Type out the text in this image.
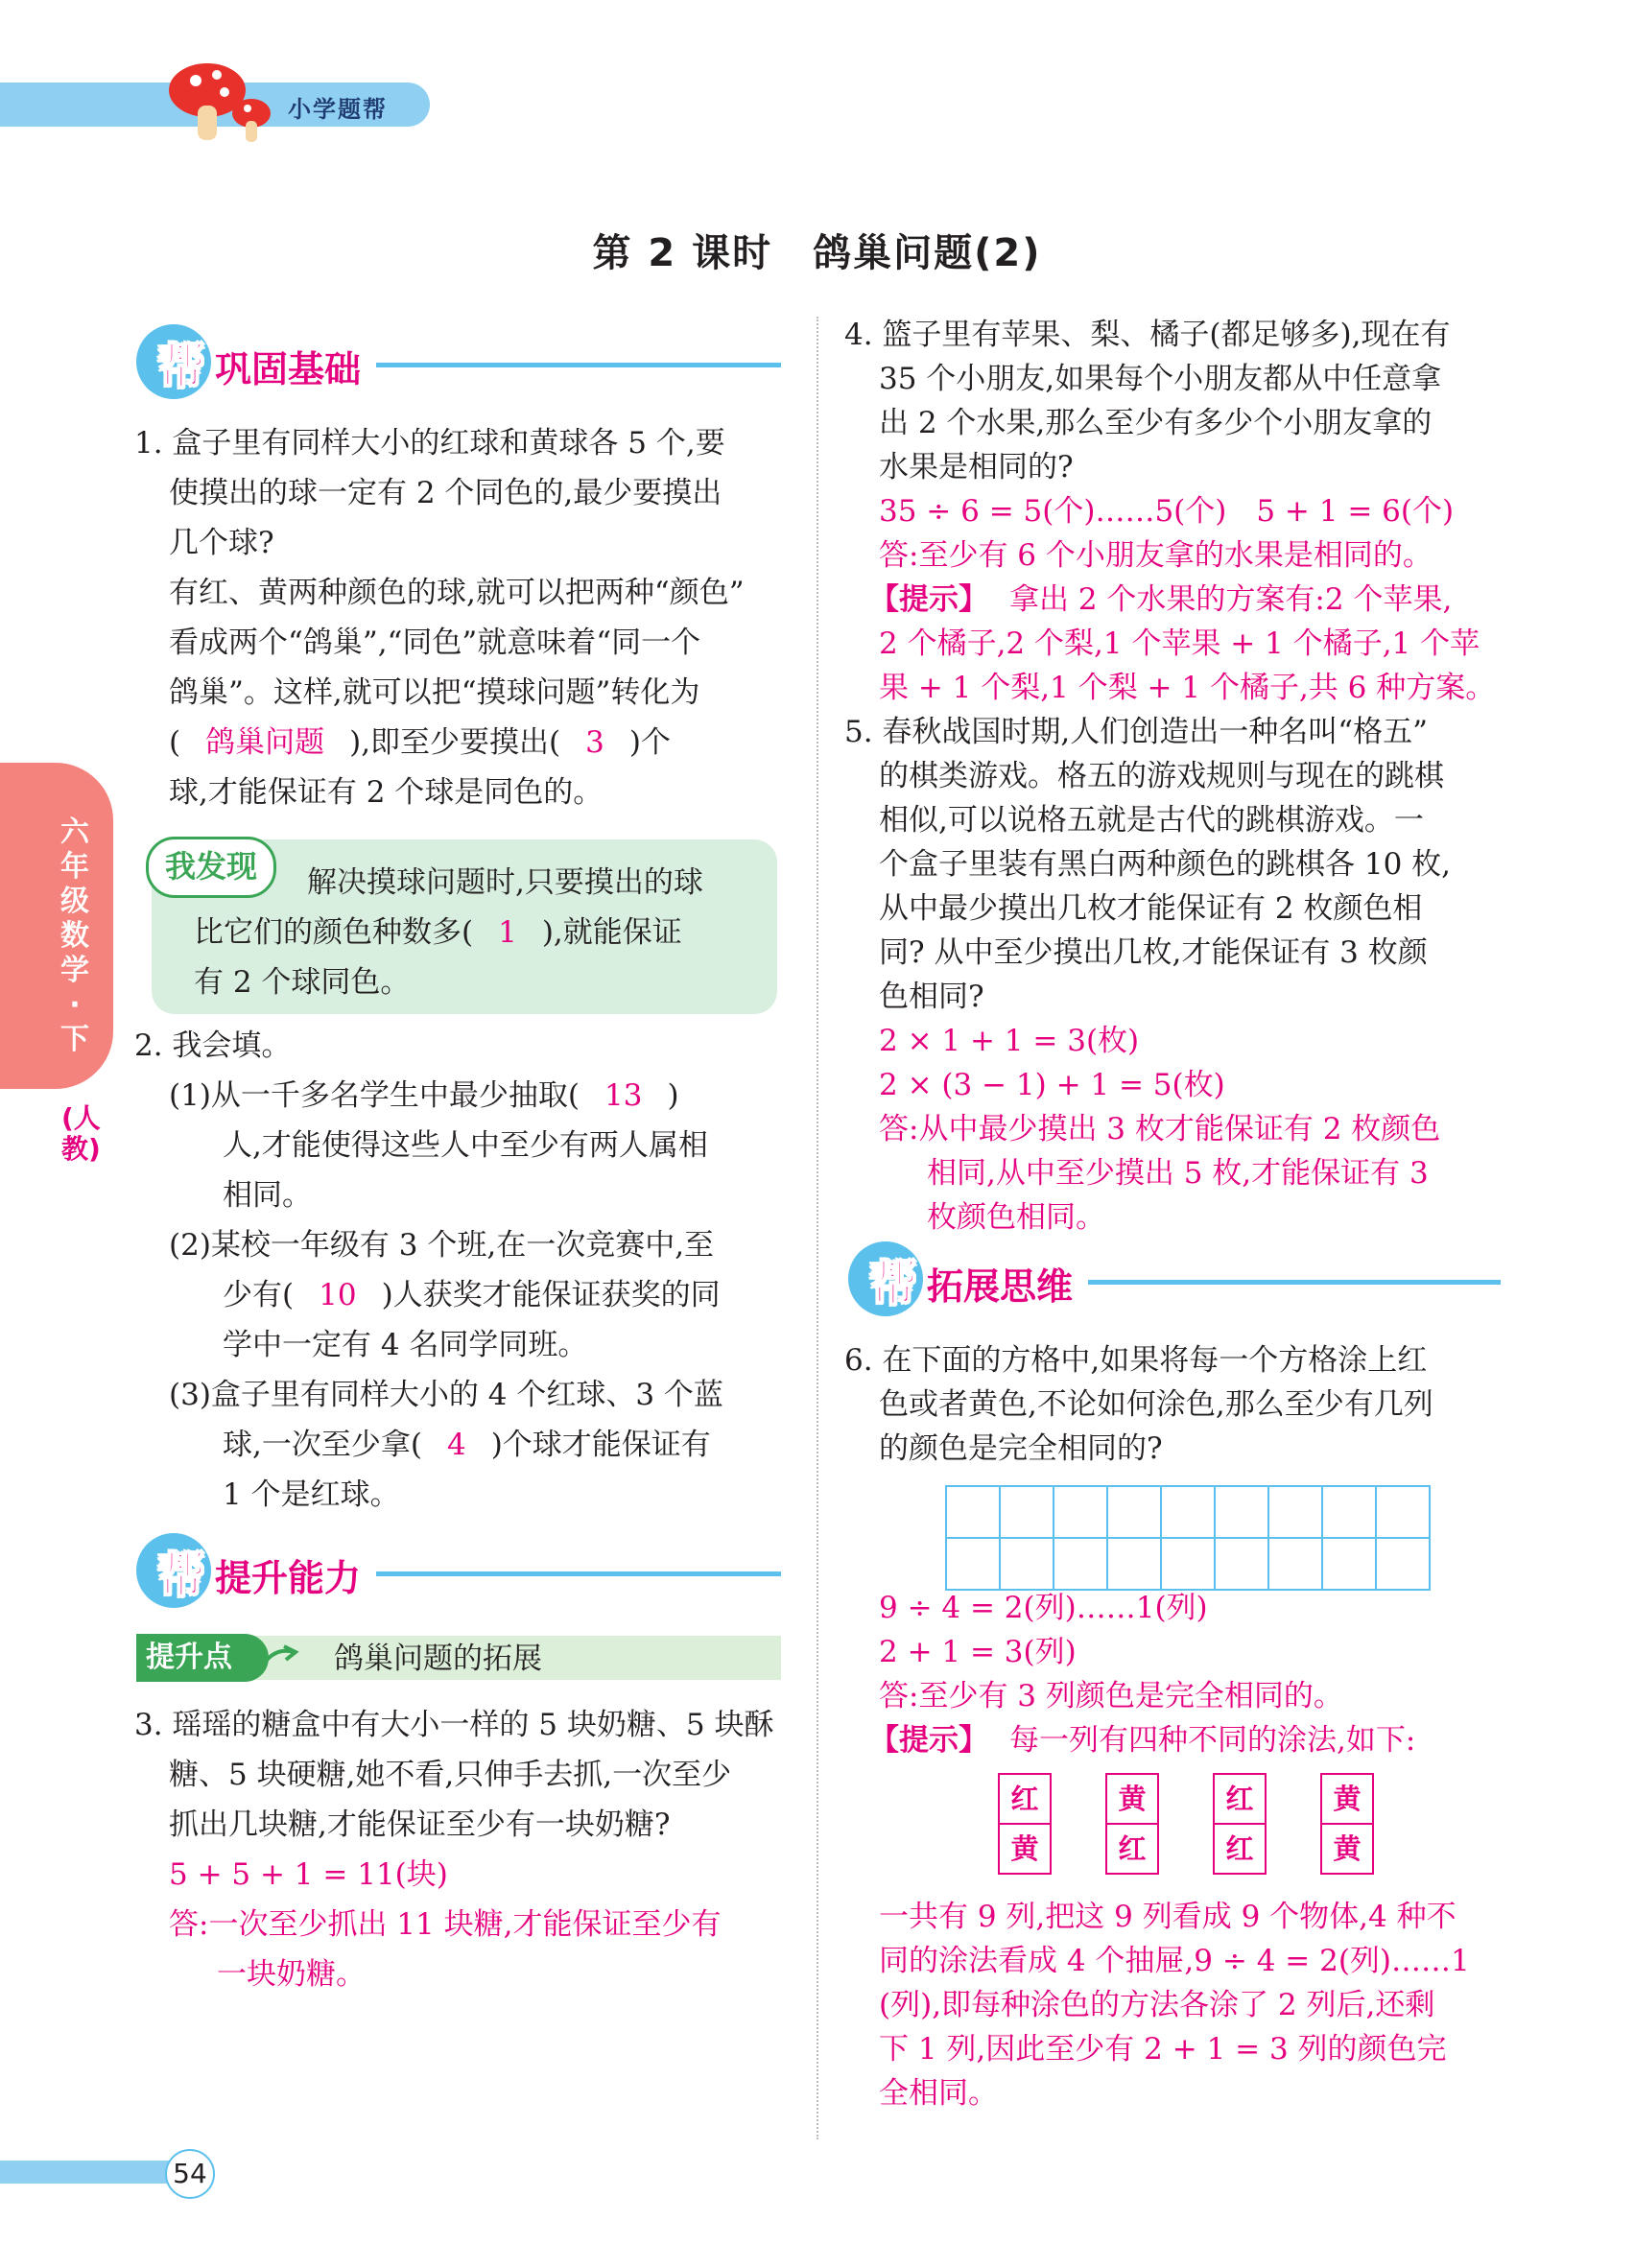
小学题帮
第 2 课时　鸽巢问题(2)
六年级数学·下
(人教)
帮 巩固基础
1. 盒子里有同样大小的红球和黄球各 5 个,要
使摸出的球一定有 2 个同色的,最少要摸出
几个球?
有红、黄两种颜色的球,就可以把两种“颜色”
看成两个“鸽巢”,“同色”就意味着“同一个
鸽巢”。这样,就可以把“摸球问题”转化为
( 鸽巢问题 ),即至少要摸出( 3 )个
球,才能保证有 2 个球是同色的。
我发现	解决摸球问题时,只要摸出的球
比它们的颜色种数多( 1 ),就能保证
有 2 个球同色。
2. 我会填。
(1)从一千多名学生中最少抽取( 13 )
人,才能使得这些人中至少有两人属相
相同。
(2)某校一年级有 3 个班,在一次竞赛中,至
少有( 10 )人获奖才能保证获奖的同
学中一定有 4 名同学同班。
(3)盒子里有同样大小的 4 个红球、3 个蓝
球,一次至少拿( 4 )个球才能保证有
1 个是红球。
帮 提升能力
提升点	鸽巢问题的拓展
3. 瑶瑶的糖盒中有大小一样的 5 块奶糖、5 块酥
糖、5 块硬糖,她不看,只伸手去抓,一次至少
抓出几块糖,才能保证至少有一块奶糖?
5 + 5 + 1 = 11(块)
答:一次至少抓出 11 块糖,才能保证至少有
一块奶糖。
4. 篮子里有苹果、梨、橘子(都足够多),现在有
35 个小朋友,如果每个小朋友都从中任意拿
出 2 个水果,那么至少有多少个小朋友拿的
水果是相同的?
35 ÷ 6 = 5(个)……5(个)　5 + 1 = 6(个)
答:至少有 6 个小朋友拿的水果是相同的。
【提示】 拿出 2 个水果的方案有:2 个苹果,
2 个橘子,2 个梨,1 个苹果 + 1 个橘子,1 个苹
果 + 1 个梨,1 个梨 + 1 个橘子,共 6 种方案。
5. 春秋战国时期,人们创造出一种名叫“格五”
的棋类游戏。格五的游戏规则与现在的跳棋
相似,可以说格五就是古代的跳棋游戏。一
个盒子里装有黑白两种颜色的跳棋各 10 枚,
从中最少摸出几枚才能保证有 2 枚颜色相
同? 从中至少摸出几枚,才能保证有 3 枚颜
色相同?
2 × 1 + 1 = 3(枚)
2 × (3 − 1) + 1 = 5(枚)
答:从中最少摸出 3 枚才能保证有 2 枚颜色
相同,从中至少摸出 5 枚,才能保证有 3
枚颜色相同。
帮 拓展思维
6. 在下面的方格中,如果将每一个方格涂上红
色或者黄色,不论如何涂色,那么至少有几列
的颜色是完全相同的?

9 ÷ 4 = 2(列)……1(列)
2 + 1 = 3(列)
答:至少有 3 列颜色是完全相同的。
【提示】 每一列有四种不同的涂法,如下:
红
黄
黄
红
红
红
黄
黄
一共有 9 列,把这 9 列看成 9 个物体,4 种不
同的涂法看成 4 个抽屉,9 ÷ 4 = 2(列)……1
(列),即每种涂色的方法各涂了 2 列后,还剩
下 1 列,因此至少有 2 + 1 = 3 列的颜色完
全相同。
54
